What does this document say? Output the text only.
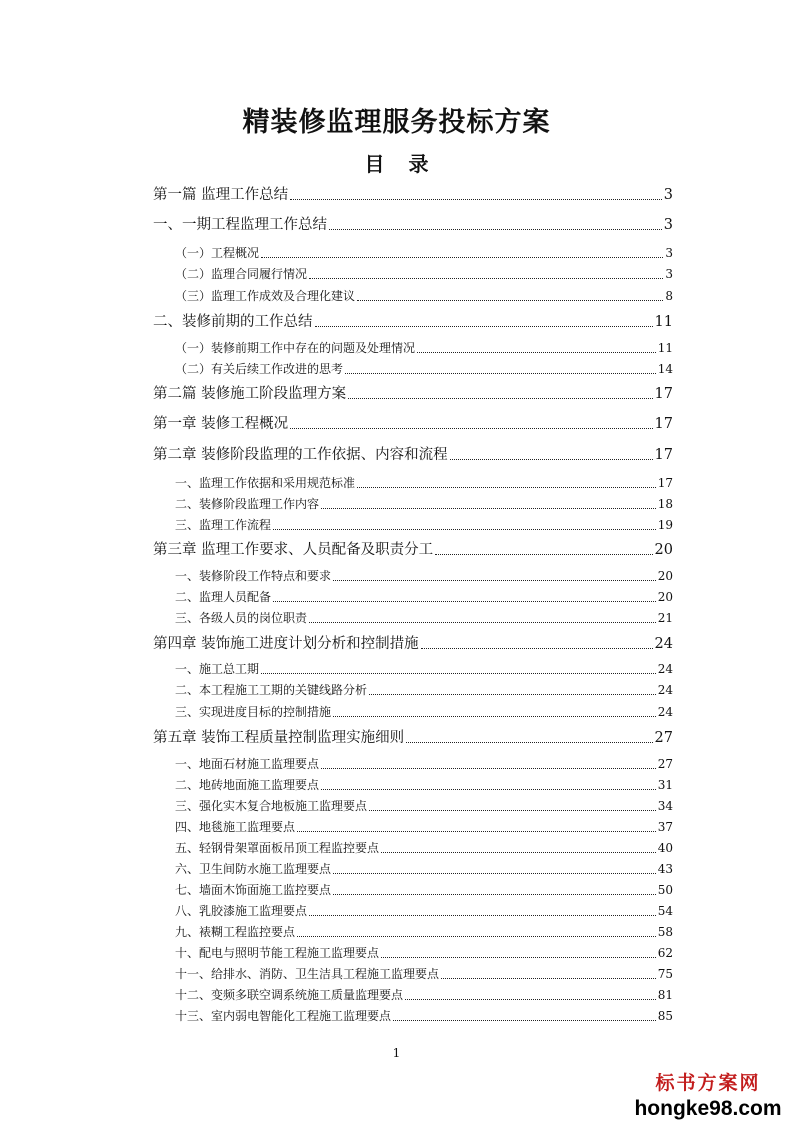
精装修监理服务投标方案
目 录
第一篇 监理工作总结	3
一、一期工程监理工作总结	3
（一）工程概况	3
（二）监理合同履行情况	3
（三）监理工作成效及合理化建议	8
二、装修前期的工作总结	11
（一）装修前期工作中存在的问题及处理情况	11
（二）有关后续工作改进的思考	14
第二篇 装修施工阶段监理方案	17
第一章 装修工程概况	17
第二章 装修阶段监理的工作依据、内容和流程	17
一、监理工作依据和采用规范标准	17
二、装修阶段监理工作内容	18
三、监理工作流程	19
第三章 监理工作要求、人员配备及职责分工	20
一、装修阶段工作特点和要求	20
二、监理人员配备	20
三、各级人员的岗位职责	21
第四章 装饰施工进度计划分析和控制措施	24
一、施工总工期	24
二、本工程施工工期的关键线路分析	24
三、实现进度目标的控制措施	24
第五章 装饰工程质量控制监理实施细则	27
一、地面石材施工监理要点	27
二、地砖地面施工监理要点	31
三、强化实木复合地板施工监理要点	34
四、地毯施工监理要点	37
五、轻钢骨架罩面板吊顶工程监控要点	40
六、卫生间防水施工监理要点	43
七、墙面木饰面施工监控要点	50
八、乳胶漆施工监理要点	54
九、裱糊工程监控要点	58
十、配电与照明节能工程施工监理要点	62
十一、给排水、消防、卫生洁具工程施工监理要点	75
十二、变频多联空调系统施工质量监理要点	81
十三、室内弱电智能化工程施工监理要点	85
1
标书方案网
hongke98.com
